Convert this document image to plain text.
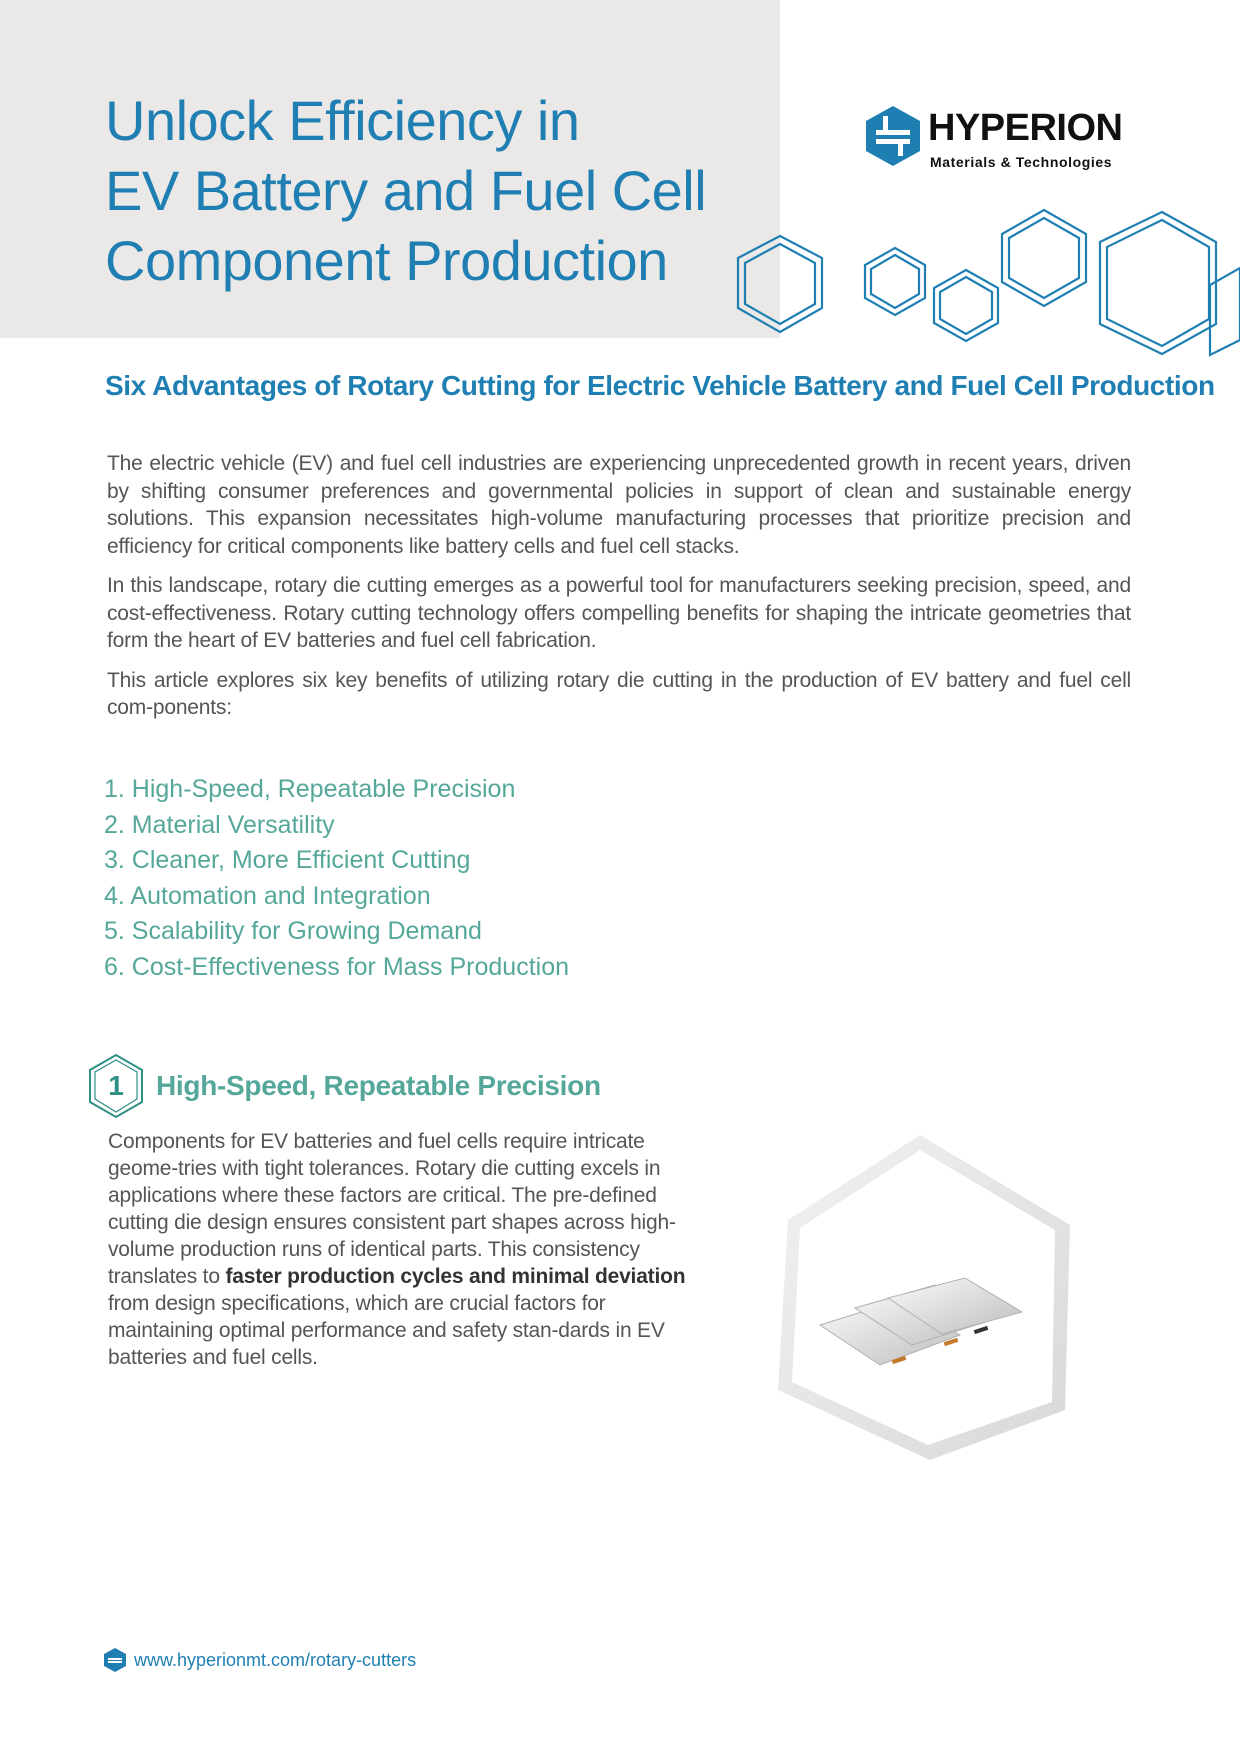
Unlock Efficiency in
EV Battery and Fuel Cell
Component Production
HYPERION
Materials & Technologies
Six Advantages of Rotary Cutting for Electric Vehicle Battery and Fuel Cell Production

The electric vehicle (EV) and fuel cell industries are experiencing unprecedented growth in recent years, driven by shifting consumer preferences and governmental policies in support of clean and sustainable energy solutions. This expansion necessitates high-volume manufacturing processes that prioritize precision and efficiency for critical components like battery cells and fuel cell stacks.

In this landscape, rotary die cutting emerges as a powerful tool for manufacturers seeking precision, speed, and cost-effectiveness. Rotary cutting technology offers compelling benefits for shaping the intricate geometries that form the heart of EV batteries and fuel cell fabrication.

This article explores six key benefits of utilizing rotary die cutting in the production of EV battery and fuel cell com-ponents:

1. High-Speed, Repeatable Precision
2. Material Versatility
3. Cleaner, More Efficient Cutting
4. Automation and Integration
5. Scalability for Growing Demand
6. Cost-Effectiveness for Mass Production
1	High-Speed, Repeatable Precision

Components for EV batteries and fuel cells require intricate geome-tries with tight tolerances. Rotary die cutting excels in applications where these factors are critical. The pre-defined cutting die design ensures consistent part shapes across high-volume production runs of identical parts. This consistency translates to faster production cycles and minimal deviation from design specifications, which are crucial factors for maintaining optimal performance and safety stan-dards in EV batteries and fuel cells.

www.hyperionmt.com/rotary-cutters
